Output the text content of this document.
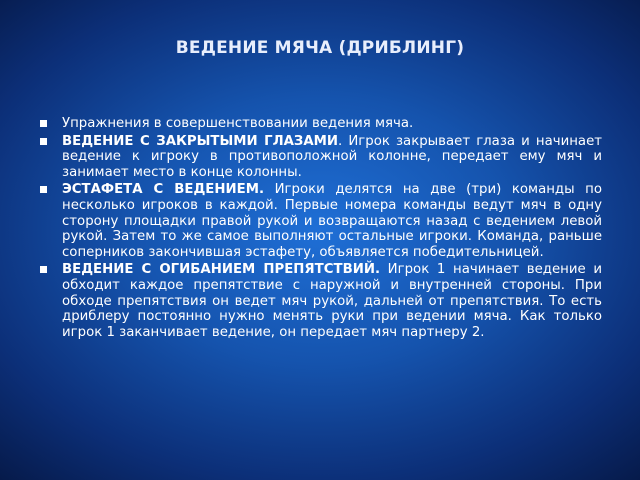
ВЕДЕНИЕ МЯЧА (ДРИБЛИНГ)
Упражнения в совершенствовании ведения мяча.
ВЕДЕНИЕ С ЗАКРЫТЫМИ ГЛАЗАМИ. Игрок закрывает глаза и начинает ведение к игроку в противоположной колонне, передает ему мяч и занимает место в конце колонны.
ЭСТАФЕТА С ВЕДЕНИЕМ. Игроки делятся на две (три) команды по несколько игроков в каждой. Первые номера команды ведут мяч в одну сторону площадки правой рукой и возвращаются назад с ведением левой рукой. Затем то же самое выполняют остальные игроки. Команда, раньше соперников закончившая эстафету, объявляется победительницей.
ВЕДЕНИЕ С ОГИБАНИЕМ ПРЕПЯТСТВИЙ. Игрок 1 начинает ведение и обходит каждое препятствие с наружной и внутренней стороны. При обходе препятствия он ведет мяч рукой, дальней от препятствия. То есть дриблеру постоянно нужно менять руки при ведении мяча. Как только игрок 1 заканчивает ведение, он передает мяч партнеру 2.
